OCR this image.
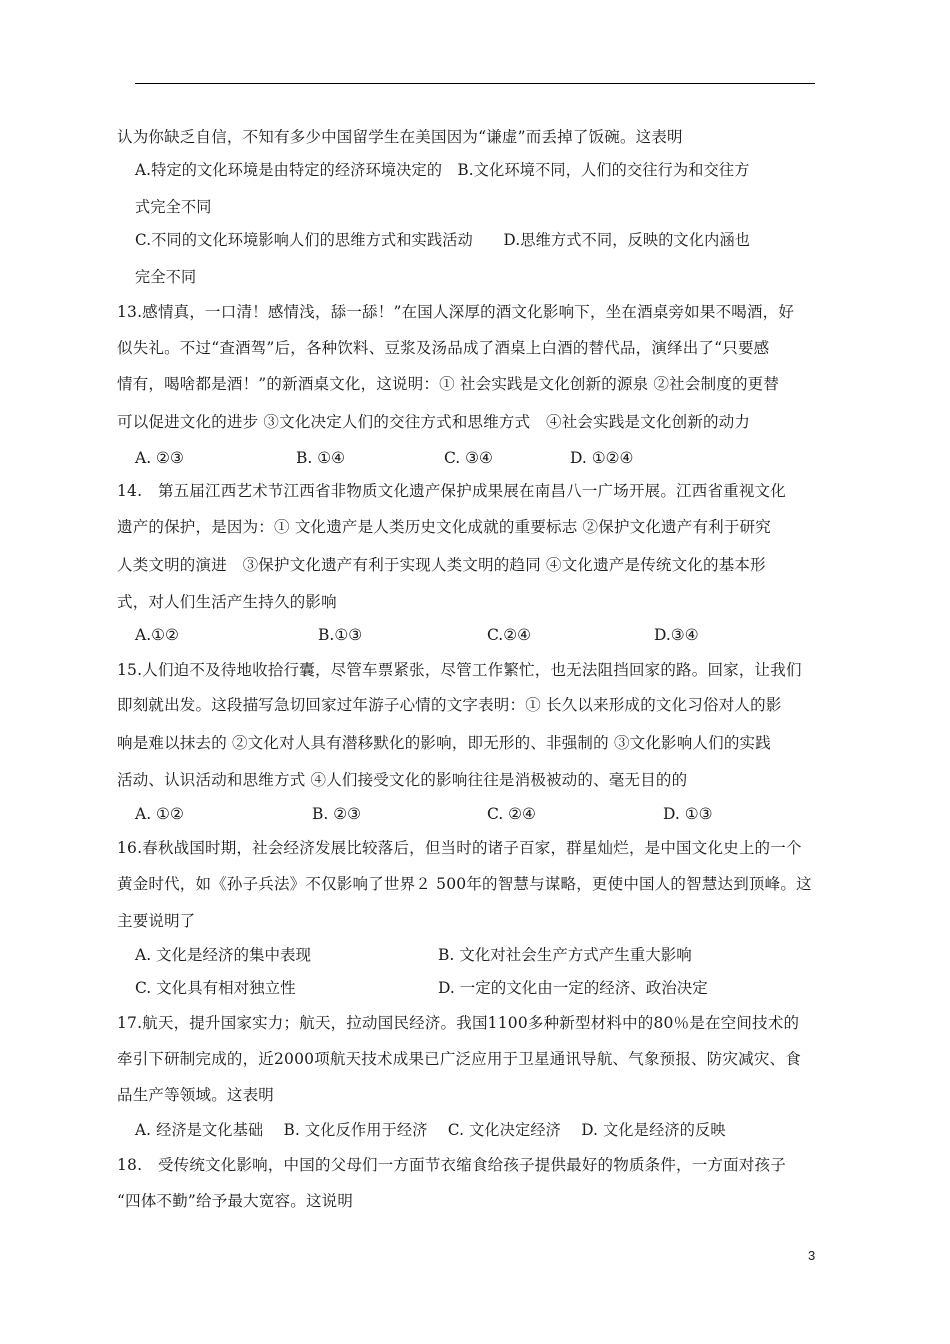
认为你缺乏自信，不知有多少中国留学生在美国因为“谦虚”而丢掉了饭碗。这表明
A.特定的文化环境是由特定的经济环境决定的　B.文化环境不同，人们的交往行为和交往方
式完全不同
C.不同的文化环境影响人们的思维方式和实践活动　　D.思维方式不同，反映的文化内涵也
完全不同
13.感情真，一口清！感情浅，舔一舔！”在国人深厚的酒文化影响下，坐在酒桌旁如果不喝酒，好
似失礼。不过“查酒驾”后，各种饮料、豆浆及汤品成了酒桌上白酒的替代品，演绎出了“只要感
情有，喝啥都是酒！”的新酒桌文化，这说明：① 社会实践是文化创新的源泉 ②社会制度的更替
可以促进文化的进步 ③文化决定人们的交往方式和思维方式　④社会实践是文化创新的动力
A. ②③	B. ①④	C. ③④	D. ①②④
14.　第五届江西艺术节江西省非物质文化遗产保护成果展在南昌八一广场开展。江西省重视文化
遗产的保护，是因为：① 文化遗产是人类历史文化成就的重要标志 ②保护文化遗产有利于研究
人类文明的演进　③保护文化遗产有利于实现人类文明的趋同 ④文化遗产是传统文化的基本形
式，对人们生活产生持久的影响
A.①②	B.①③	C.②④	D.③④
15.人们迫不及待地收拾行囊，尽管车票紧张，尽管工作繁忙，也无法阻挡回家的路。回家，让我们
即刻就出发。这段描写急切回家过年游子心情的文字表明：① 长久以来形成的文化习俗对人的影
响是难以抹去的 ②文化对人具有潜移默化的影响，即无形的、非强制的 ③文化影响人们的实践
活动、认识活动和思维方式 ④人们接受文化的影响往往是消极被动的、毫无目的的
A. ①②	B. ②③	C. ②④	D. ①③
16.春秋战国时期，社会经济发展比较落后，但当时的诸子百家，群星灿烂，是中国文化史上的一个
黄金时代，如《孙子兵法》不仅影响了世界２ 500年的智慧与谋略，更使中国人的智慧达到顶峰。这
主要说明了
A. 文化是经济的集中表现	B. 文化对社会生产方式产生重大影响
C. 文化具有相对独立性	D. 一定的文化由一定的经济、政治决定
17.航天，提升国家实力；航天，拉动国民经济。我国1100多种新型材料中的80％是在空间技术的
牵引下研制完成的，近2000项航天技术成果已广泛应用于卫星通讯导航、气象预报、防灾减灾、食
品生产等领域。这表明
A. 经济是文化基础　 B. 文化反作用于经济　 C. 文化决定经济　 D. 文化是经济的反映
18.　受传统文化影响，中国的父母们一方面节衣缩食给孩子提供最好的物质条件，一方面对孩子
“四体不勤”给予最大宽容。这说明
3
